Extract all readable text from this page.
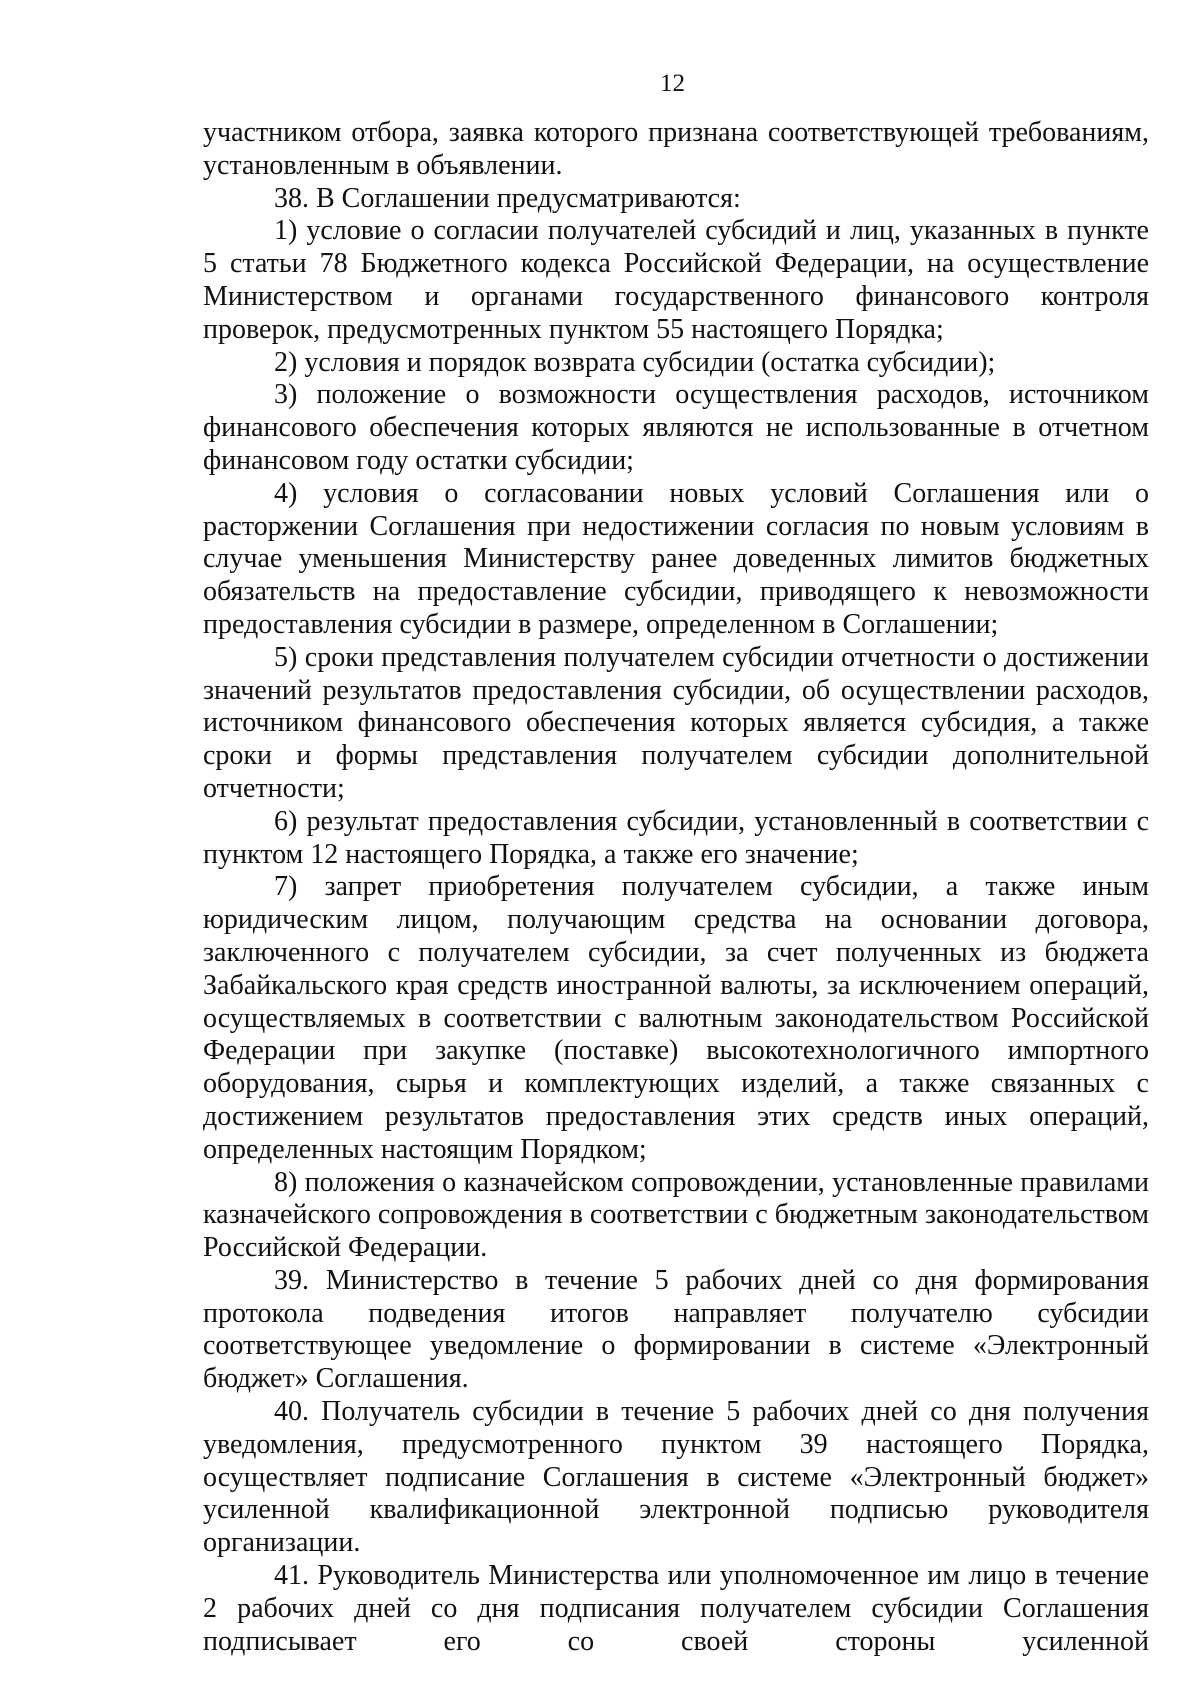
12

участником отбора, заявка которого признана соответствующей требованиям, установленным в объявлении.

38. В Соглашении предусматриваются:

1) условие о согласии получателей субсидий и лиц, указанных в пункте 5 статьи 78 Бюджетного кодекса Российской Федерации, на осуществление Министерством и органами государственного финансового контроля проверок, предусмотренных пунктом 55 настоящего Порядка;

2) условия и порядок возврата субсидии (остатка субсидии);

3) положение о возможности осуществления расходов, источником финансового обеспечения которых являются не использованные в отчетном финансовом году остатки субсидии;

4) условия о согласовании новых условий Соглашения или о расторжении Соглашения при недостижении согласия по новым условиям в случае уменьшения Министерству ранее доведенных лимитов бюджетных обязательств на предоставление субсидии, приводящего к невозможности предоставления субсидии в размере, определенном в Соглашении;

5) сроки представления получателем субсидии отчетности о достижении значений результатов предоставления субсидии, об осуществлении расходов, источником финансового обеспечения которых является субсидия, а также сроки и формы представления получателем субсидии дополнительной отчетности;

6) результат предоставления субсидии, установленный в соответствии с пунктом 12 настоящего Порядка, а также его значение;

7) запрет приобретения получателем субсидии, а также иным юридическим лицом, получающим средства на основании договора, заключенного с получателем субсидии, за счет полученных из бюджета Забайкальского края средств иностранной валюты, за исключением операций, осуществляемых в соответствии с валютным законодательством Российской Федерации при закупке (поставке) высокотехнологичного импортного оборудования, сырья и комплектующих изделий, а также связанных с достижением результатов предоставления этих средств иных операций, определенных настоящим Порядком;

8) положения о казначейском сопровождении, установленные правилами казначейского сопровождения в соответствии с бюджетным законодательством Российской Федерации.

39. Министерство в течение 5 рабочих дней со дня формирования протокола подведения итогов направляет получателю субсидии соответствующее уведомление о формировании в системе «Электронный бюджет» Соглашения.

40. Получатель субсидии в течение 5 рабочих дней со дня получения уведомления, предусмотренного пунктом 39 настоящего Порядка, осуществляет подписание Соглашения в системе «Электронный бюджет» усиленной квалификационной электронной подписью руководителя организации.

41. Руководитель Министерства или уполномоченное им лицо в течение 2 рабочих дней со дня подписания получателем субсидии Соглашения подписывает его со своей стороны усиленной
